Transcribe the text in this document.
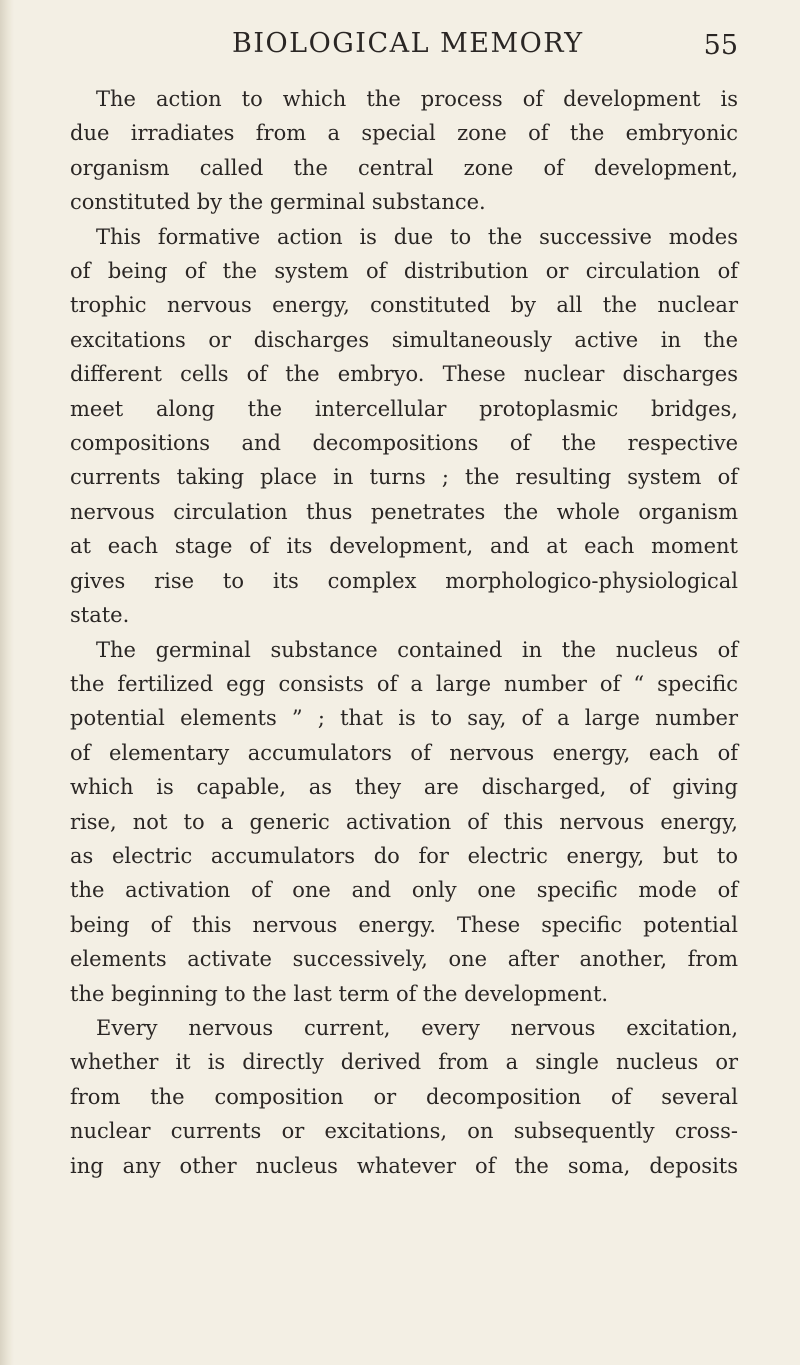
BIOLOGICAL MEMORY	55
The action to which the process of development is
due irradiates from a special zone of the embryonic
organism called the central zone of development,
constituted by the germinal substance.
This formative action is due to the successive modes
of being of the system of distribution or circulation of
trophic nervous energy, constituted by all the nuclear
excitations or discharges simultaneously active in the
different cells of the embryo. These nuclear discharges
meet along the intercellular protoplasmic bridges,
compositions and decompositions of the respective
currents taking place in turns ; the resulting system of
nervous circulation thus penetrates the whole organism
at each stage of its development, and at each moment
gives rise to its complex morphologico-physiological
state.
The germinal substance contained in the nucleus of
the fertilized egg consists of a large number of “ specific
potential elements ” ; that is to say, of a large number
of elementary accumulators of nervous energy, each of
which is capable, as they are discharged, of giving
rise, not to a generic activation of this nervous energy,
as electric accumulators do for electric energy, but to
the activation of one and only one specific mode of
being of this nervous energy. These specific potential
elements activate successively, one after another, from
the beginning to the last term of the development.
Every nervous current, every nervous excitation,
whether it is directly derived from a single nucleus or
from the composition or decomposition of several
nuclear currents or excitations, on subsequently cross-
ing any other nucleus whatever of the soma, deposits
